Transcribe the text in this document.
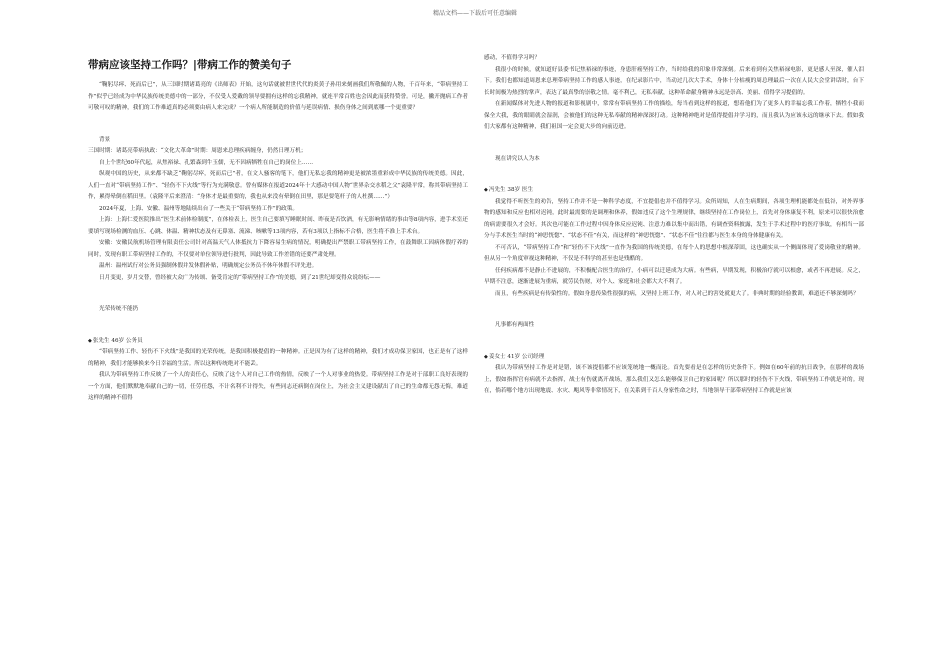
精品文档——下载后可任意编辑
带病应该坚持工作吗？|带病工作的赞美句子

“鞠躬尽瘁、死而后已”，从三国时期诸葛亮的《出师表》开始，这句话就被世世代代的炎黄子孙用来刻画我们所敬佩的人物，千百年来，“带病坚持工作”似乎已经成为中华民族传统美德中的一部分，不仅受人爱戴的领导要拥有这样的忘我精神，就连平常百姓也会因此而获得赞誉。可是，撇开抛病工作者可敬可叹的精神，我们的工作难道真的必须要由病人来完成？一个病人所能制造的价值与延误病情、损伤身体之间到底哪一个更重要？

背景

三国时期：诸葛亮带病执政：“文化大革命”时期：周恩来总理疾病缠身，仍然日理万机；

自上个世纪60年代起，从焦裕禄、孔繁森到牛玉儒，无不因病牺牲在自己的岗位上……

纵观中国的历史，从来都不缺乏“鞠躬尽瘁，死而后已”者，在文人骚客的笔下，他们无私忘我的精神更是被浓墨重彩成中华民族的传统美德。因此，人们一直对“带病坚持工作”、“轻伤不下火线”等行为充满敬意。曾有媒体在报道2024年十大感动中国人物“世界杂交水稻之父”袁隆平常，称其带病坚持工作，累得晕倒在稻田里。（袁隆平后来澄清：“身体才是最重要的，我也从来没有晕倒在田里，那是要笔杆子的人杜撰……”）

2024年夏，上海、安徽、温州等地陆续出台了一些关于“带病坚持工作”的政策。

上海：上海仁爱医院推出“医生术前体检制度”，在体检表上，医生自己要填写睡眠时间、昨夜是否饮酒，有无影响情绪的事由等8项内容，进手术室还要填写现场检测的血压、心跳、体温、精神状态及有无鼻塞、流涕、咳嗽等13项内容，若有3项以上指标不合格，医生将不准上手术台。

安徽：安徽民航机场管理有限责任公司针对高温天气人体抵抗力下降容易生病的情况，明确提出严禁职工带病坚持工作，在鼓舞职工因病休假疗养的同时，发现有职工带病坚持工作的，不仅要对单位领导进行批判，因此导致工作差错的还要严肃处理。

温州：温州试行对公务员强制休假并发休假补贴，明确规定公务员不休年休假不评先进。

日月变更，岁月交替，曾经被大众广为传颂、备受肯定的“带病坚持工作”的美德，到了21世纪却变得众说纷纭——

光荣传统不能扔

◆ 张先生 46岁 公务员

“带病坚持工作、轻伤不下火线”是我国的光荣传统，是我国积极提倡的一种精神。正是因为有了这样的精神，我们才成功保卫家国，也正是有了这样的精神，我们才能够换来今日幸福的生活。所以这种传统绝对不能丢。

我认为带病坚持工作反映了一个人的责任心，反映了这个人对自己工作的热情，反映了一个人对事业的热爱。带病坚持工作是对于部职工良好表现的一个方面，他们默默地奉献自己的一切，任劳任怨，不计名利不计得失，有些同志还病倒在岗位上，为社会主义建设献出了自己的生命都无怨无悔，难道这样的精神不值得

感动，不值得学习吗？

我很小的时候，就知道好县委书记焦裕禄的事迹，身患肝癌坚持工作，当时给我的印象非常深刻。后来看到有关焦裕禄电影，更是感人至深，催人泪下。我们也都知道周恩来总理带病坚持工作的感人事迹，在纪录影片中，当动过几次大手术，身体十分枯瘦的周总理最后一次在人民大会堂讲话时，台下长时间极为热烈的掌声，表达了最真挚的崇敬之情。毫不利己，无私奉献，这种革命献身精神永远是崇高、美丽、值得学习提倡的。

在新闻媒体对先进人物的报道和影视剧中，常常有带病坚持工作的描绘，每当看到这样的报道，想着他们为了更多人的幸福忘我工作着，牺牲小我而保全大我，我的眼睛就会湿润，会被他们的这种无私奉献的精神深深打动。这种精神绝对是值得提倡并学习的，而且我认为应该永远的继承下去。假如我们大家都有这种精神，我们祖国一定会更大步的向前迈进。

现在讲究以人为本

◆ 冯先生 38岁 医生

我觉得不听医生的劝告，坚持工作并不是一种科学态度，不宜提倡也并不值得学习。众所周知，人在生病期间，各项生理机能都处在低谷，对外界事物的感知和反应也相对迟钝，此时最需要的是调理和休养，假如违反了这个生理规律，继续坚持在工作岗位上，首先对身体康复不利，原来可以很快治愈的病需要很久才会好。其次也可能在工作过程中因身体反应迟钝、注意力难以集中而出错，有调查资料披露，发生于手术过程中的医疗事故，有相当一部分与手术医生当时的“神思恍惚”、“状态不佳”有关，而这样的“神思恍惚”、“状态不佳”往往都与医生本身的身体健康有关。

不可否认，“带病坚持工作”和“轻伤不下火线”一直作为我国的传统美德，在每个人的思想中根深蒂固，这也确实从一个侧面体现了爱岗敬业的精神。但从另一个角度审视这种精神，不仅是不科学的甚至也是残酷的。

任何疾病都不是静止不进展的，不积极配合医生的治疗，小病可以迁延成为大病。有些病，早期发现，积极治疗就可以根愈，或者不再进展。反之，早期不注意，逐渐进展为重病，就劳民伤财，对个人、家庭和社会都大大不利了。

而且，有些疾病是有传染性的。假如身患传染性很强的病，又坚持上班工作，对人对己的害处就更大了。非典时期的经验教训，难道还不够深刻吗？

凡事都有两面性

◆ 姜女士 41岁 公司经理

我认为带病坚持工作是对是错，该不该提倡都不应该笼统地一概而论。首先要看是在怎样的历史条件下。例如在60年前的抗日战争，在那样的战场上，假如指挥官有病就不去指挥，战士有伤就离开战场，那么我们又怎么能够保卫自己的家园呢？所以那时的轻伤不下火线，带病坚持工作就是对的。现在，倘若哪个地方出现地震、水灾、飓风等非常情况下，在关系到千百人身家性命之时，当地领导干部带病坚持工作就是应该
